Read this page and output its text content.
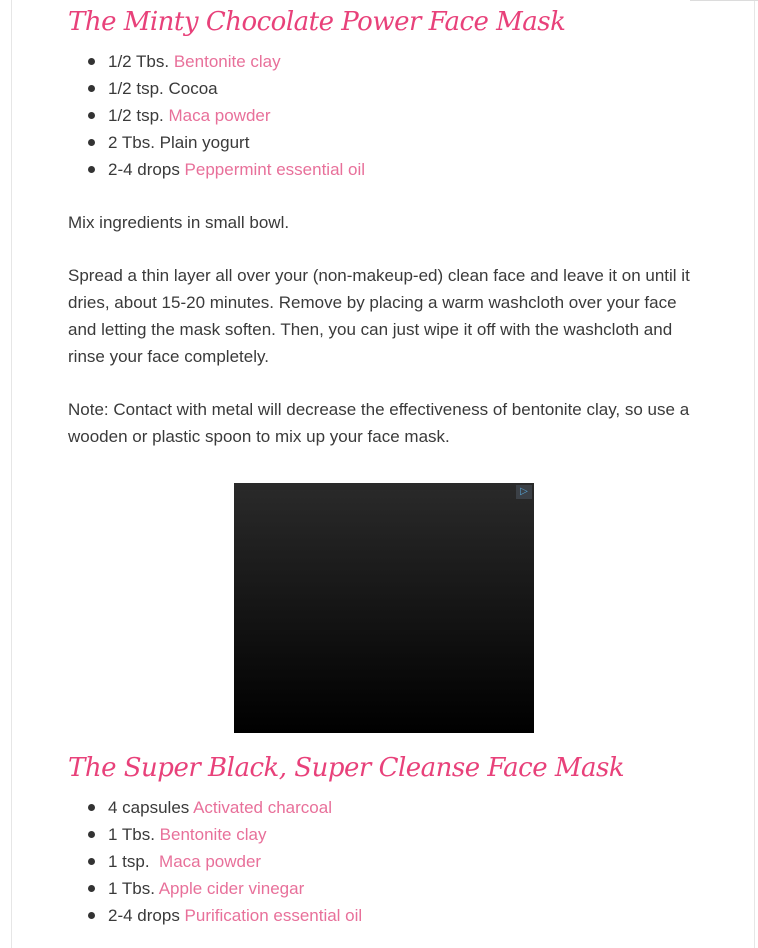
The Minty Chocolate Power Face Mask
1/2 Tbs. Bentonite clay
1/2 tsp. Cocoa
1/2 tsp. Maca powder
2 Tbs. Plain yogurt
2-4 drops Peppermint essential oil

Mix ingredients in small bowl.

Spread a thin layer all over your (non-makeup-ed) clean face and leave it on until it dries, about 15-20 minutes. Remove by placing a warm washcloth over your face and letting the mask soften. Then, you can just wipe it off with the washcloth and rinse your face completely.

Note: Contact with metal will decrease the effectiveness of bentonite clay, so use a wooden or plastic spoon to mix up your face mask.

▷
The Super Black, Super Cleanse Face Mask
4 capsules Activated charcoal
1 Tbs. Bentonite clay
1 tsp.  Maca powder
1 Tbs. Apple cider vinegar
2-4 drops Purification essential oil
